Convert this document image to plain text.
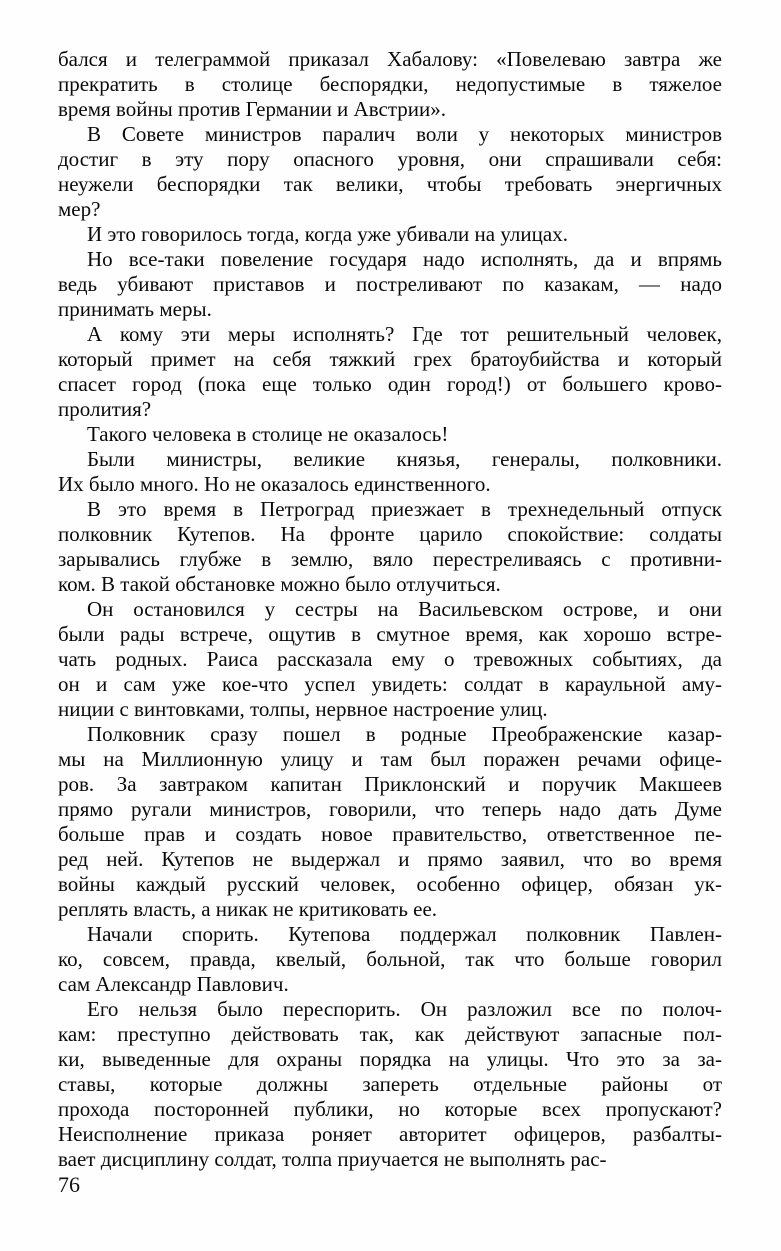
бался и телеграммой приказал Хабалову: «Повелеваю завтра же
прекратить в столице беспорядки, недопустимые в тяжелое
время войны против Германии и Австрии».
В Совете министров паралич воли у некоторых министров
достиг в эту пору опасного уровня, они спрашивали себя:
неужели беспорядки так велики, чтобы требовать энергичных
мер?
И это говорилось тогда, когда уже убивали на улицах.
Но все-таки повеление государя надо исполнять, да и впрямь
ведь убивают приставов и постреливают по казакам, — надо
принимать меры.
А кому эти меры исполнять? Где тот решительный человек,
который примет на себя тяжкий грех братоубийства и который
спасет город (пока еще только один город!) от большего крово-
пролития?
Такого человека в столице не оказалось!
Были министры, великие князья, генералы, полковники.
Их было много. Но не оказалось единственного.
В это время в Петроград приезжает в трехнедельный отпуск
полковник Кутепов. На фронте царило спокойствие: солдаты
зарывались глубже в землю, вяло перестреливаясь с противни-
ком. В такой обстановке можно было отлучиться.
Он остановился у сестры на Васильевском острове, и они
были рады встрече, ощутив в смутное время, как хорошо встре-
чать родных. Раиса рассказала ему о тревожных событиях, да
он и сам уже кое-что успел увидеть: солдат в караульной аму-
ниции с винтовками, толпы, нервное настроение улиц.
Полковник сразу пошел в родные Преображенские казар-
мы на Миллионную улицу и там был поражен речами офице-
ров. За завтраком капитан Приклонский и поручик Макшеев
прямо ругали министров, говорили, что теперь надо дать Думе
больше прав и создать новое правительство, ответственное пе-
ред ней. Кутепов не выдержал и прямо заявил, что во время
войны каждый русский человек, особенно офицер, обязан ук-
реплять власть, а никак не критиковать ее.
Начали спорить. Кутепова поддержал полковник Павлен-
ко, совсем, правда, квелый, больной, так что больше говорил
сам Александр Павлович.
Его нельзя было переспорить. Он разложил все по полоч-
кам: преступно действовать так, как действуют запасные пол-
ки, выведенные для охраны порядка на улицы. Что это за за-
ставы, которые должны запереть отдельные районы от
прохода посторонней публики, но которые всех пропускают?
Неисполнение приказа роняет авторитет офицеров, разбалты-
вает дисциплину солдат, толпа приучается не выполнять рас-
76
